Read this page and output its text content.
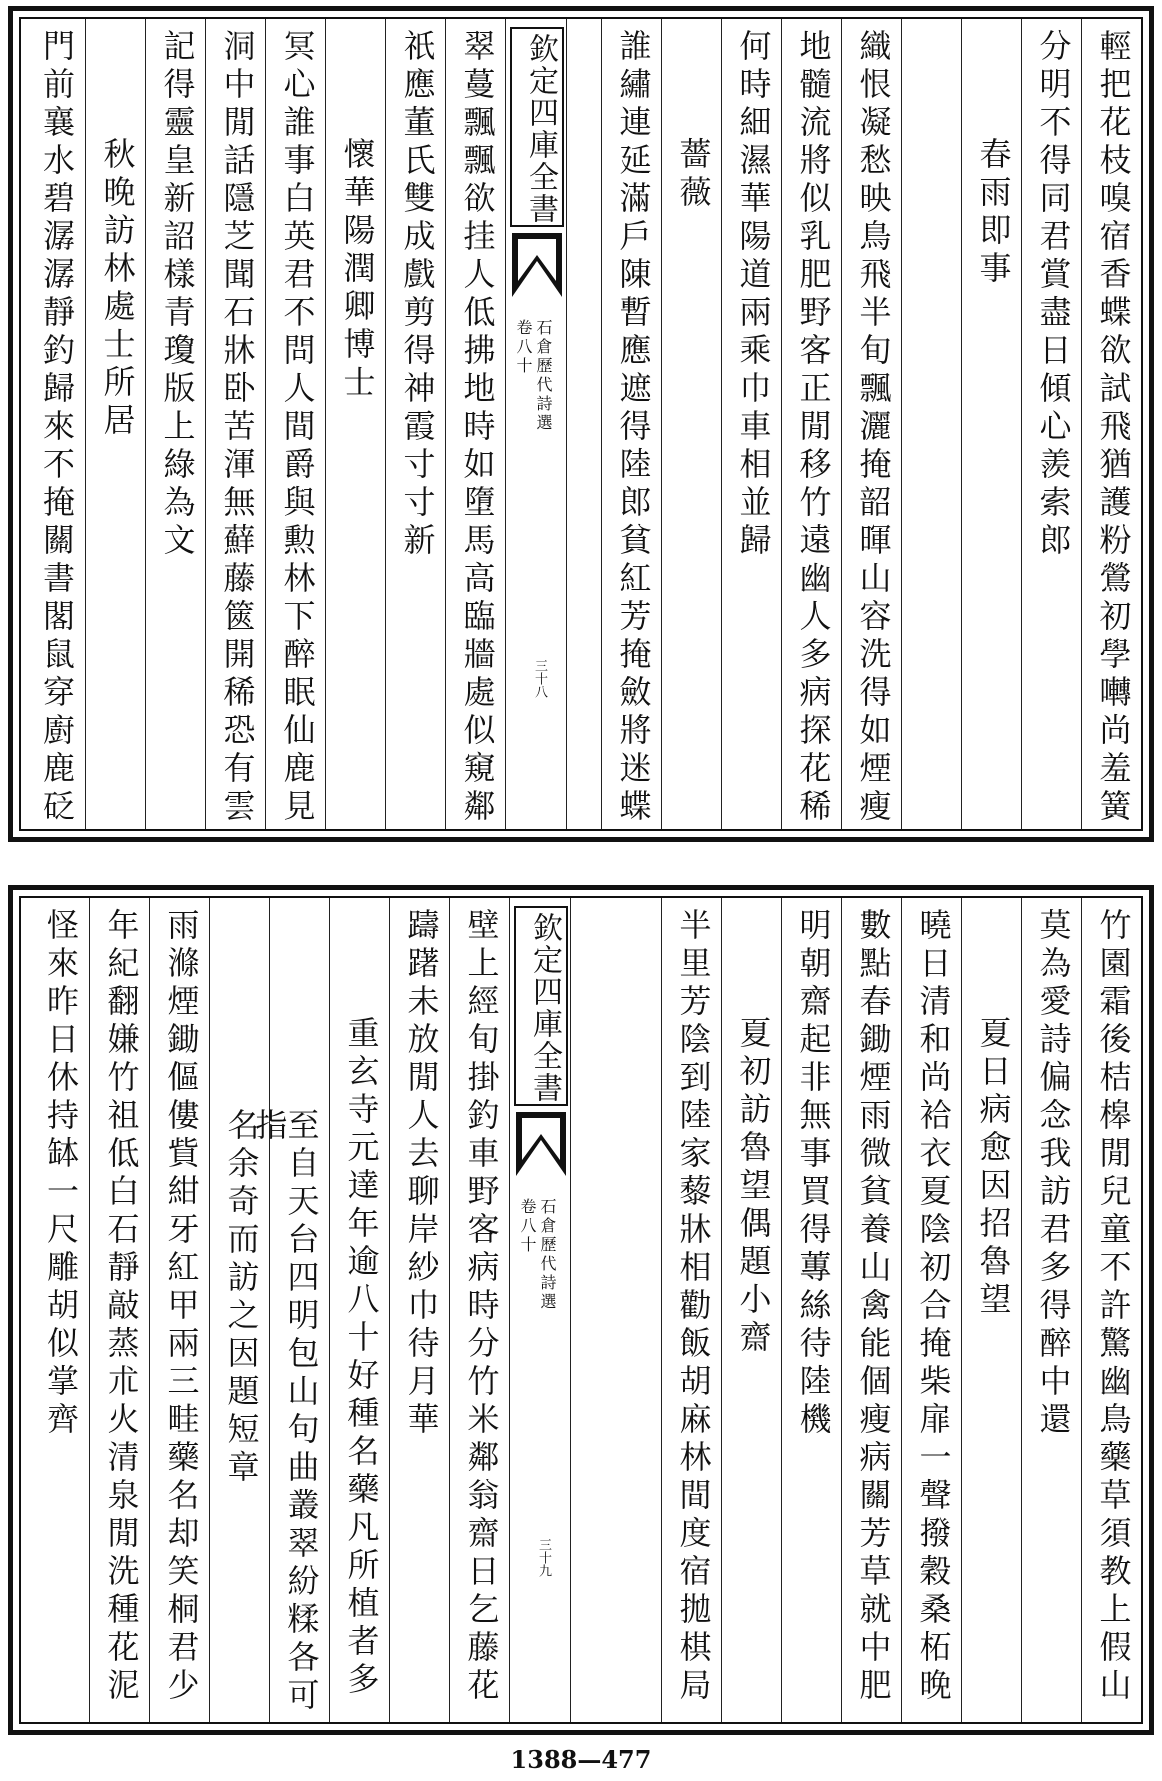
輕把花枝嗅宿香蝶欲試飛猶護粉鶯初學囀尚羞簧
分明不得同君賞盡日傾心羨索郎
春雨即事
織恨凝愁映鳥飛半旬飄灑掩韶暉山容洗得如煙瘦
地髓流將似乳肥野客正閒移竹遠幽人多病探花稀
何時細濕華陽道兩乘巾車相並歸
薔薇
誰繡連延滿戶陳暫應遮得陸郎貧紅芳掩斂將迷蝶
欽定四庫全書
石倉歷代詩選
卷八十
三十八
翠蔓飄飄欲挂人低拂地時如墮馬高臨牆處似窺鄰
祇應董氏雙成戲剪得神霞寸寸新
懷華陽潤卿博士
冥心誰事白英君不問人間爵與勲林下醉眠仙鹿見
洞中閒話隱芝聞石牀卧苦渾無蘚藤篋開稀恐有雲
記得靈皇新詔樣青瓊版上綠為文
秋晚訪林處士所居
門前襄水碧潺潺靜釣歸來不掩關書閣鼠穿廚鹿砭
竹園霜後桔槔閒兒童不許驚幽鳥藥草須教上假山
莫為愛詩偏念我訪君多得醉中還
夏日病愈因招魯望
曉日清和尚袷衣夏陰初合掩柴扉一聲撥穀桑柘晚
數點春鋤煙雨微貧養山禽能個瘦病關芳草就中肥
明朝齋起非無事買得蓴絲待陸機
夏初訪魯望偶題小齋
半里芳陰到陸家藜牀相勸飯胡麻林間度宿拋棋局
欽定四庫全書
石倉歷代詩選
卷八十
三十九
壁上經旬掛釣車野客病時分竹米鄰翁齋日乞藤花
躊躇未放閒人去聊岸紗巾待月華
重玄寺元達年逾八十好種名藥凡所植者多
至自天台四明包山句曲叢翠紛糅各可指
名余奇而訪之因題短章
雨滌煙鋤傴僂貲紺牙紅甲兩三畦藥名却笑桐君少
年紀翻嫌竹祖低白石靜敲蒸朮火清泉閒洗種花泥
怪來昨日休持缽一尺雕胡似掌齊
1388—477
